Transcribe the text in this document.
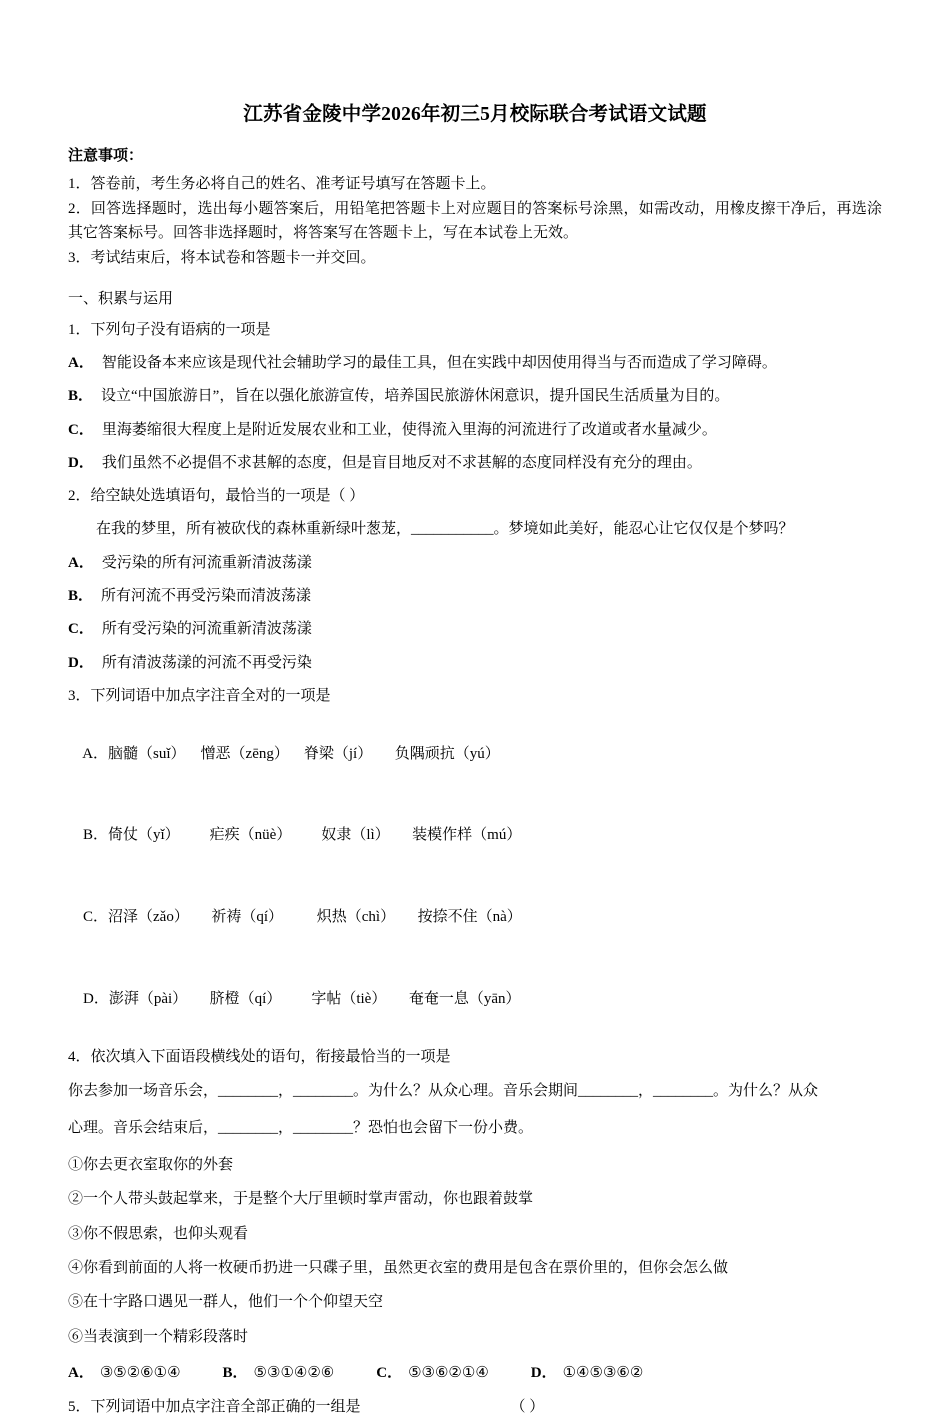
江苏省金陵中学2026年初三5月校际联合考试语文试题
注意事项：
1．答卷前，考生务必将自己的姓名、准考证号填写在答题卡上。
2．回答选择题时，选出每小题答案后，用铅笔把答题卡上对应题目的答案标号涂黑，如需改动，用橡皮擦干净后，再选涂其它答案标号。回答非选择题时，将答案写在答题卡上，写在本试卷上无效。
3．考试结束后，将本试卷和答题卡一并交回。
一、积累与运用
1．下列句子没有语病的一项是
A． 智能设备本来应该是现代社会辅助学习的最佳工具，但在实践中却因使用得当与否而造成了学习障碍。
B． 设立“中国旅游日”，旨在以强化旅游宣传，培养国民旅游休闲意识，提升国民生活质量为目的。
C． 里海萎缩很大程度上是附近发展农业和工业，使得流入里海的河流进行了改道或者水量减少。
D． 我们虽然不必提倡不求甚解的态度，但是盲目地反对不求甚解的态度同样没有充分的理由。
2．给空缺处选填语句，最恰当的一项是（ ）
在我的梦里，所有被砍伐的森林重新绿叶葱茏，___________。梦境如此美好，能忍心让它仅仅是个梦吗？
A． 受污染的所有河流重新清波荡漾
B． 所有河流不再受污染而清波荡漾
C． 所有受污染的河流重新清波荡漾
D． 所有清波荡漾的河流不再受污染
3．下列词语中加点字注音全对的一项是

A．脑髓（suǐ）    憎恶（zēng）    脊梁（jí）      负隅顽抗（yú）

B．倚仗（yǐ）        疟疾（nüè）        奴隶（lì）      装模作样（mú）

C．沼泽（zǎo）      祈祷（qí）         炽热（chì）      按捺不住（nà）

D．澎湃（pài）      脐橙（qí）        字帖（tiè）      奄奄一息（yān）

4．依次填入下面语段横线处的语句，衔接最恰当的一项是
你去参加一场音乐会，________，________。为什么？从众心理。音乐会期间________，________。为什么？从众
心理。音乐会结束后，________，________？恐怕也会留下一份小费。
①你去更衣室取你的外套
②一个人带头鼓起掌来，于是整个大厅里顿时掌声雷动，你也跟着鼓掌
③你不假思索，也仰头观看
④你看到前面的人将一枚硬币扔进一只碟子里，虽然更衣室的费用是包含在票价里的，但你会怎么做
⑤在十字路口遇见一群人，他们一个个仰望天空
⑥当表演到一个精彩段落时
A． ③⑤②⑥①④	B． ⑤③①④②⑥	C． ⑤③⑥②①④	D． ①④⑤③⑥②
5．下列词语中加点字注音全部正确的一组是	（ ）
